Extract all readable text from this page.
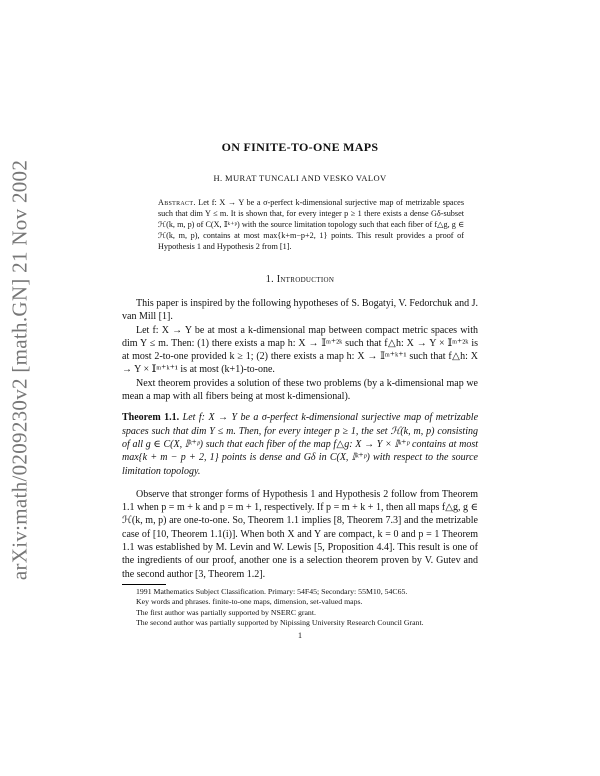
arXiv:math/0209230v2 [math.GN] 21 Nov 2002
ON FINITE-TO-ONE MAPS

H. MURAT TUNCALI AND VESKO VALOV

Abstract. Let f: X → Y be a σ-perfect k-dimensional surjective map of metrizable spaces such that dim Y ≤ m. It is shown that, for every integer p ≥ 1 there exists a dense Gδ-subset ℋ(k, m, p) of C(X, 𝕀ᵏ⁺ᵖ) with the source limitation topology such that each fiber of f△g, g ∈ ℋ(k, m, p), contains at most max{k+m−p+2, 1} points. This result provides a proof of Hypothesis 1 and Hypothesis 2 from [1].

1. Introduction

This paper is inspired by the following hypotheses of S. Bogatyi, V. Fedorchuk and J. van Mill [1].

Let f: X → Y be at most a k-dimensional map between compact metric spaces with dim Y ≤ m. Then: (1) there exists a map h: X → 𝕀ᵐ⁺²ᵏ such that f△h: X → Y × 𝕀ᵐ⁺²ᵏ is at most 2-to-one provided k ≥ 1; (2) there exists a map h: X → 𝕀ᵐ⁺ᵏ⁺¹ such that f△h: X → Y × 𝕀ᵐ⁺ᵏ⁺¹ is at most (k+1)-to-one.

Next theorem provides a solution of these two problems (by a k-dimensional map we mean a map with all fibers being at most k-dimensional).

Theorem 1.1. Let f: X → Y be a σ-perfect k-dimensional surjective map of metrizable spaces such that dim Y ≤ m. Then, for every integer p ≥ 1, the set ℋ(k, m, p) consisting of all g ∈ C(X, 𝕀ᵏ⁺ᵖ) such that each fiber of the map f△g: X → Y × 𝕀ᵏ⁺ᵖ contains at most max{k + m − p + 2, 1} points is dense and Gδ in C(X, 𝕀ᵏ⁺ᵖ) with respect to the source limitation topology.

Observe that stronger forms of Hypothesis 1 and Hypothesis 2 follow from Theorem 1.1 when p = m + k and p = m + 1, respectively. If p = m + k + 1, then all maps f△g, g ∈ ℋ(k, m, p) are one-to-one. So, Theorem 1.1 implies [8, Theorem 7.3] and the metrizable case of [10, Theorem 1.1(i)]. When both X and Y are compact, k = 0 and p = 1 Theorem 1.1 was established by M. Levin and W. Lewis [5, Proposition 4.4]. This result is one of the ingredients of our proof, another one is a selection theorem proven by V. Gutev and the second author [3, Theorem 1.2].

1991 Mathematics Subject Classification. Primary: 54F45; Secondary: 55M10, 54C65.

Key words and phrases. finite-to-one maps, dimension, set-valued maps.

The first author was partially supported by NSERC grant.

The second author was partially supported by Nipissing University Research Council Grant.

1
